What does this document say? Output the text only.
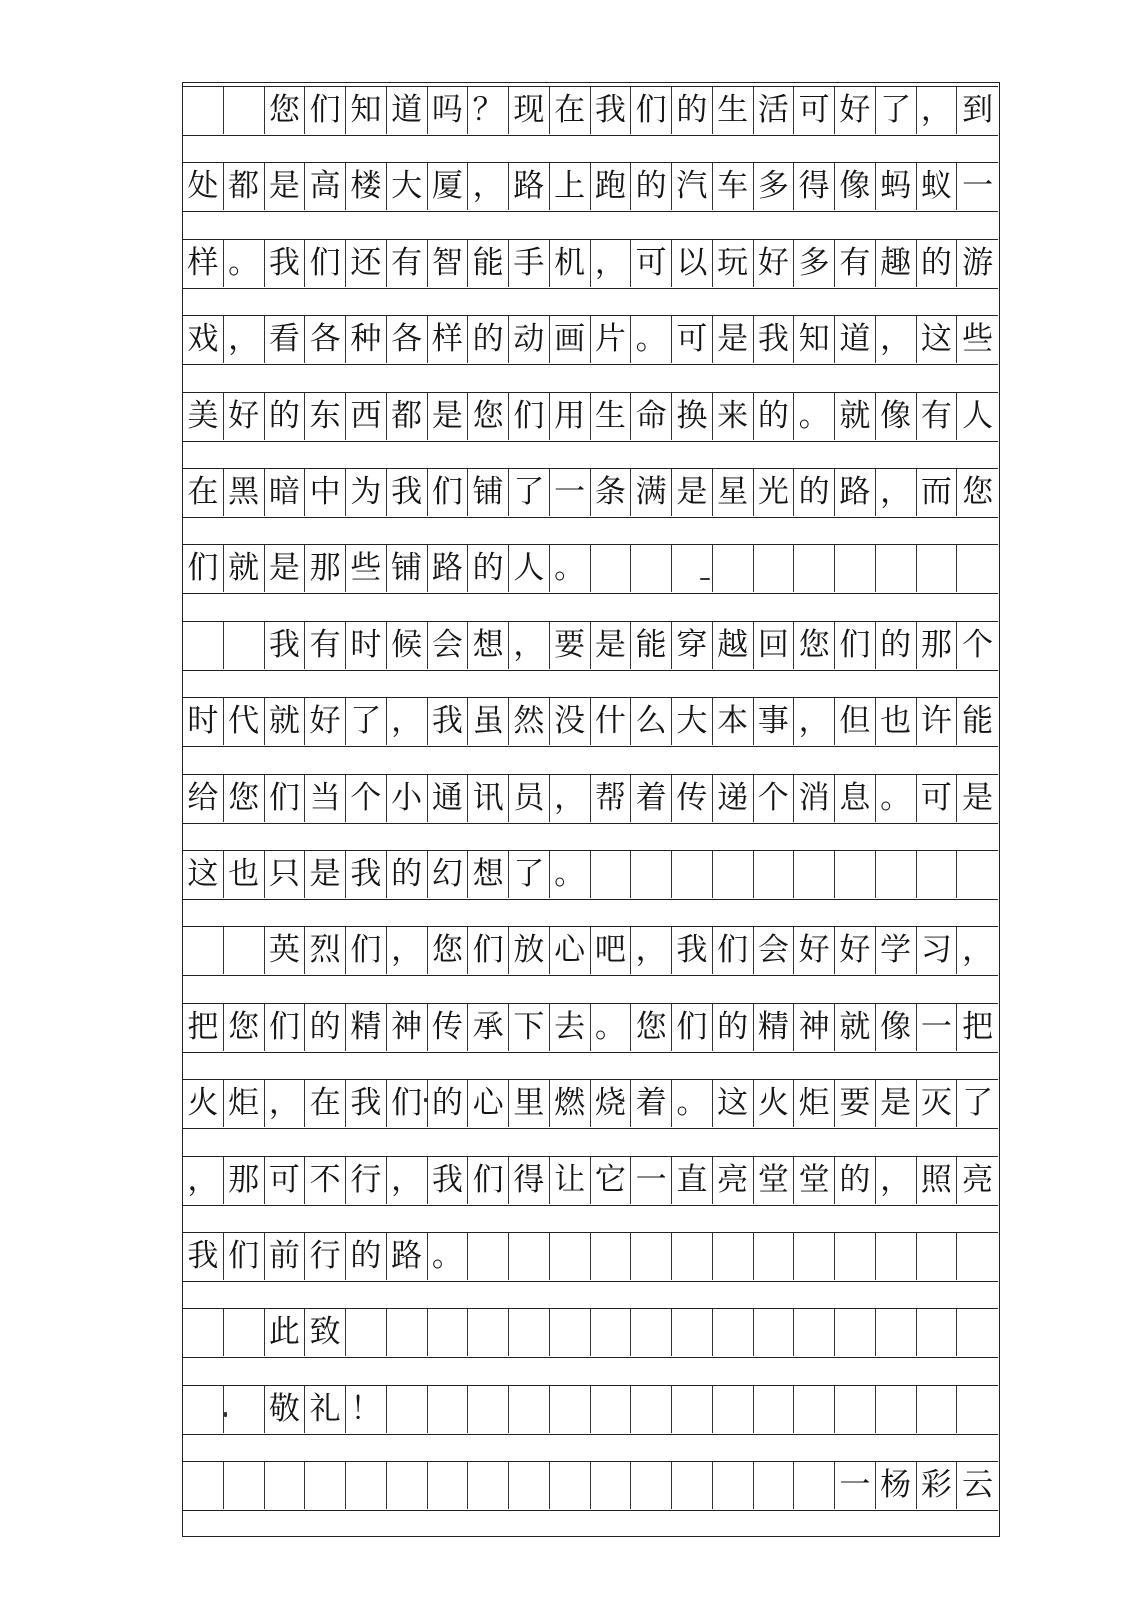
您 们 知 道 吗 ？ 现 在 我 们 的 生 活 可 好 了 ， 到
处 都 是 高 楼 大 厦 ， 路 上 跑 的 汽 车 多 得 像 蚂 蚁 一
样 。 我 们 还 有 智 能 手 机 ， 可 以 玩 好 多 有 趣 的 游
戏 ， 看 各 种 各 样 的 动 画 片 。 可 是 我 知 道 ， 这 些
美 好 的 东 西 都 是 您 们 用 生 命 换 来 的 。 就 像 有 人
在 黑 暗 中 为 我 们 铺 了 一 条 满 是 星 光 的 路 ， 而 您
们 就 是 那 些 铺 路 的 人 。
我 有 时 候 会 想 ， 要 是 能 穿 越 回 您 们 的 那 个
时 代 就 好 了 ， 我 虽 然 没 什 么 大 本 事 ， 但 也 许 能
给 您 们 当 个 小 通 讯 员 ， 帮 着 传 递 个 消 息 。 可 是
这 也 只 是 我 的 幻 想 了 。
英 烈 们 ， 您 们 放 心 吧 ， 我 们 会 好 好 学 习 ，
把 您 们 的 精 神 传 承 下 去 。 您 们 的 精 神 就 像 一 把
火 炬 ， 在 我 们 的 心 里 燃 烧 着 。 这 火 炬 要 是 灭 了
， 那 可 不 行 ， 我 们 得 让 它 一 直 亮 堂 堂 的 ， 照 亮
我 们 前 行 的 路 。
此 致
敬 礼 ！
一 杨 彩 云
